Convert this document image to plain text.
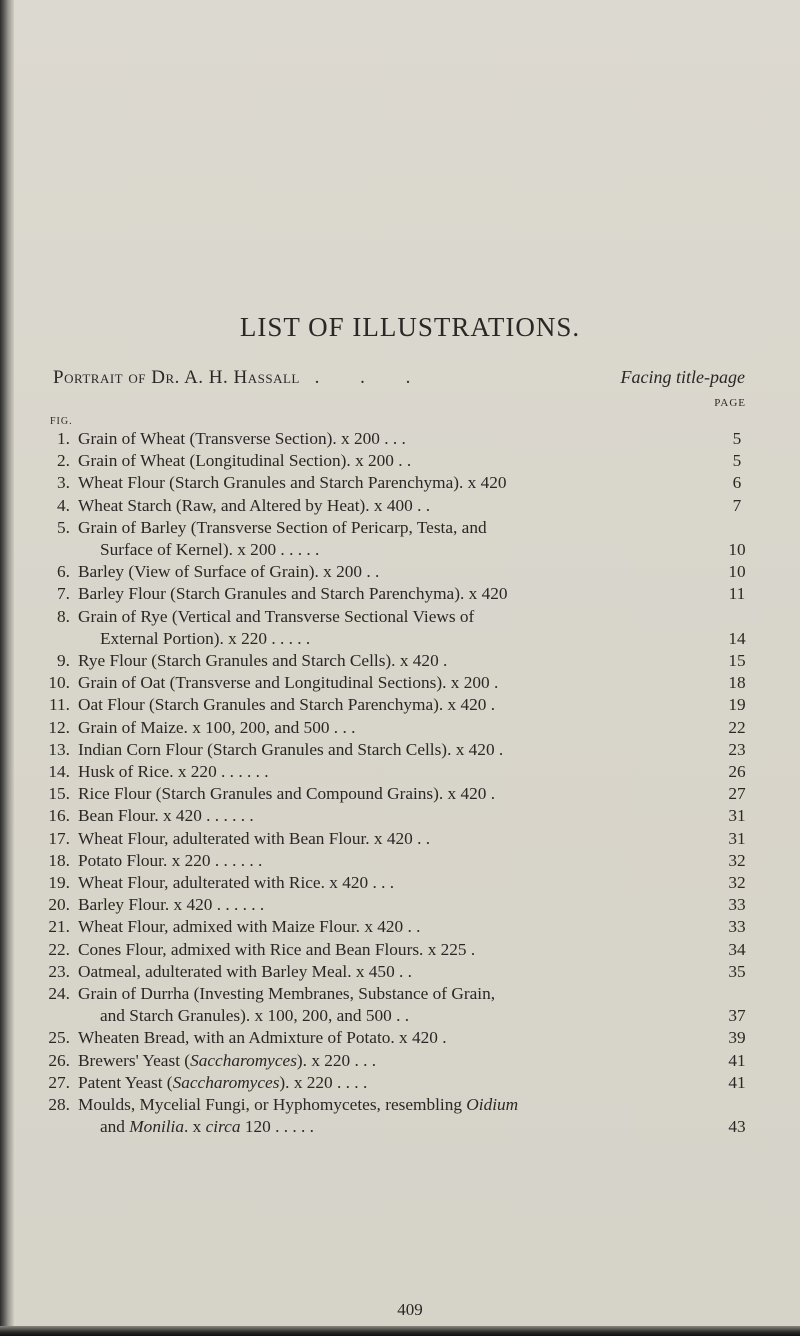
LIST OF ILLUSTRATIONS.
Portrait of Dr. A. H. Hassall . . .	Facing title-page
PAGE
FIG.
1. Grain of Wheat (Transverse Section). x 200 . . .	5
2. Grain of Wheat (Longitudinal Section). x 200 . .	5
3. Wheat Flour (Starch Granules and Starch Parenchyma). x 420	6
4. Wheat Starch (Raw, and Altered by Heat). x 400 . .	7
5. Grain of Barley (Transverse Section of Pericarp, Testa, and
Surface of Kernel). x 200 . . . . .	10
6. Barley (View of Surface of Grain). x 200 . .	10
7. Barley Flour (Starch Granules and Starch Parenchyma). x 420	11
8. Grain of Rye (Vertical and Transverse Sectional Views of
External Portion). x 220 . . . . .	14
9. Rye Flour (Starch Granules and Starch Cells). x 420 .	15
10. Grain of Oat (Transverse and Longitudinal Sections). x 200 .	18
11. Oat Flour (Starch Granules and Starch Parenchyma). x 420 .	19
12. Grain of Maize. x 100, 200, and 500 . . .	22
13. Indian Corn Flour (Starch Granules and Starch Cells). x 420 .	23
14. Husk of Rice. x 220 . . . . . .	26
15. Rice Flour (Starch Granules and Compound Grains). x 420 .	27
16. Bean Flour. x 420 . . . . . .	31
17. Wheat Flour, adulterated with Bean Flour. x 420 . .	31
18. Potato Flour. x 220 . . . . . .	32
19. Wheat Flour, adulterated with Rice. x 420 . . .	32
20. Barley Flour. x 420 . . . . . .	33
21. Wheat Flour, admixed with Maize Flour. x 420 . .	33
22. Cones Flour, admixed with Rice and Bean Flours. x 225 .	34
23. Oatmeal, adulterated with Barley Meal. x 450 . .	35
24. Grain of Durrha (Investing Membranes, Substance of Grain,
and Starch Granules). x 100, 200, and 500 . .	37
25. Wheaten Bread, with an Admixture of Potato. x 420 .	39
26. Brewers' Yeast (Saccharomyces). x 220 . . .	41
27. Patent Yeast (Saccharomyces). x 220 . . . .	41
28. Moulds, Mycelial Fungi, or Hyphomycetes, resembling Oidium
and Monilia. x circa 120 . . . . .	43
409
